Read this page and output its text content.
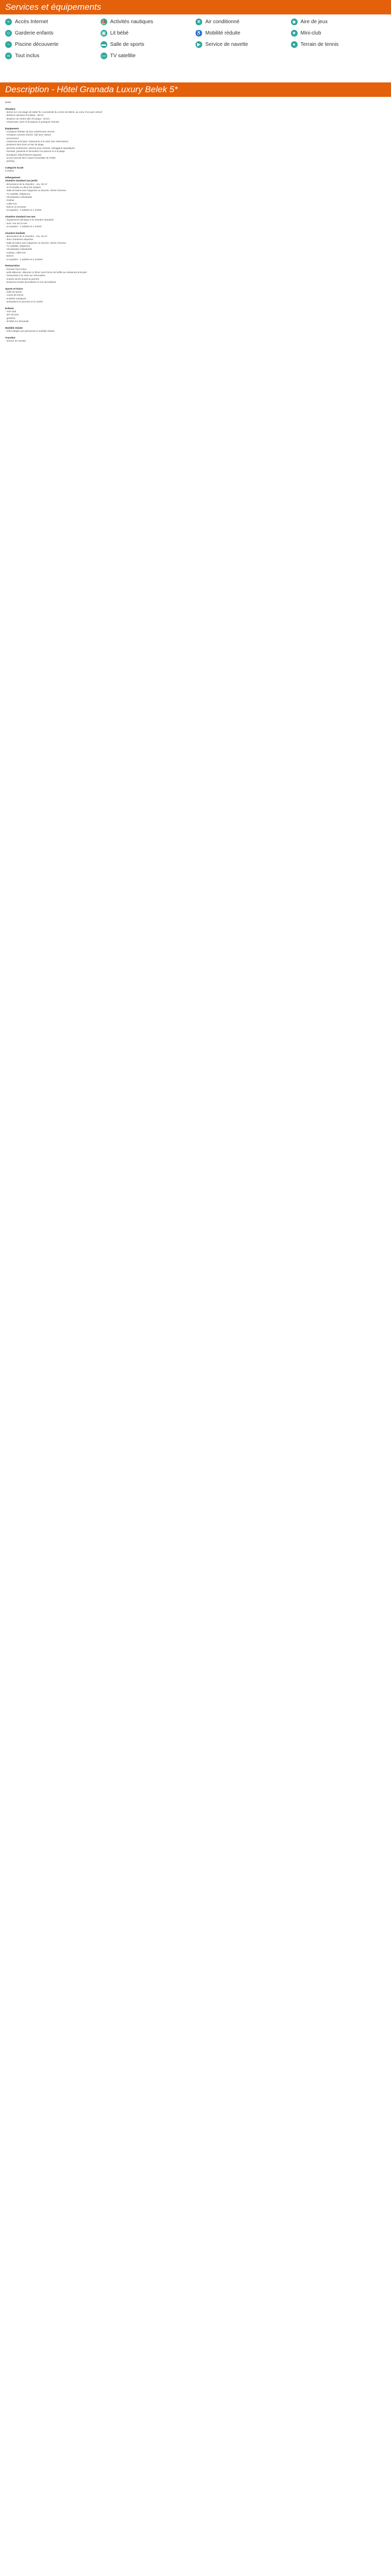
Services et équipements
≈	Accès Internet	⛵ Activités nautiques	❄ Air conditionné	◆ Aire de jeux
☺ Garderie enfants	▣ Lit bébé	♿ Mobilité réduite	★ Mini-club
~ Piscine découverte	▬ Salle de sports	▶ Service de navette	● Terrain de tennis
∞ Tout inclus	▭ TV satellite
Description - Hôtel Granada Luxury Belek 5*
Belek
Situation
- donne sur une plage de sable fin, à proximité du centre de Belek, au cœur d'un parc arboré
- distance aéroport d'Antalya : 35 km
- distance du centre-ville d'Antalya : 45 km
- restaurants, bars et boutiques à quelques minutes
Équipement
- complexe hôtelier de luxe entièrement rénové
- réception ouverte 24h/24, hall avec salons
- ascenseurs
- restaurant principal, restaurants à la carte (sur réservation)
- plusieurs bars dont un bar de plage
- piscines extérieures, piscine pour enfants, toboggans aquatiques
- transats, parasols et serviettes à la piscine et à la plage
- boutiques, blanchisserie (payant)
- accès Internet Wi-Fi dans l'ensemble de l'hôtel
- parking
Catégorie locale
5 étoiles
Hébergement
chambre standard vue jardin
- dimensions de la chambre : env. 30 m²
- un lit double ou deux lits simples
- salle de bains avec baignoire ou douche, sèche-cheveux
- TV satellite, téléphone
- climatisation individuelle
- minibar
- coffre-fort
- balcon ou terrasse
- occupation : 2 adultes et 1 enfant
chambre standard vue mer
- équipement identique à la chambre standard
- avec vue sur la mer
- occupation : 2 adultes et 1 enfant
chambre familiale
- dimensions de la chambre : env. 45 m²
- deux chambres séparées
- salle de bains avec baignoire ou douche, sèche-cheveux
- TV satellite, téléphone
- climatisation individuelle
- minibar, coffre-fort
- balcon
- occupation : 2 adultes et 2 enfants
Restauration
- formule Tout Inclus
- petit-déjeuner, déjeuner et dîner sous forme de buffet au restaurant principal
- restaurants à la carte sur réservation
- snacks servis durant la journée
- boissons locales alcoolisées et non alcoolisées
Sports et loisirs
- salle de sports
- courts de tennis
- activités nautiques
- animations en journée et en soirée
Enfants
- mini-club
- aire de jeux
- garderie
- lit bébé sur demande
Mobilité réduite
- hôtel adapté aux personnes à mobilité réduite
Transfert
- service de navette
